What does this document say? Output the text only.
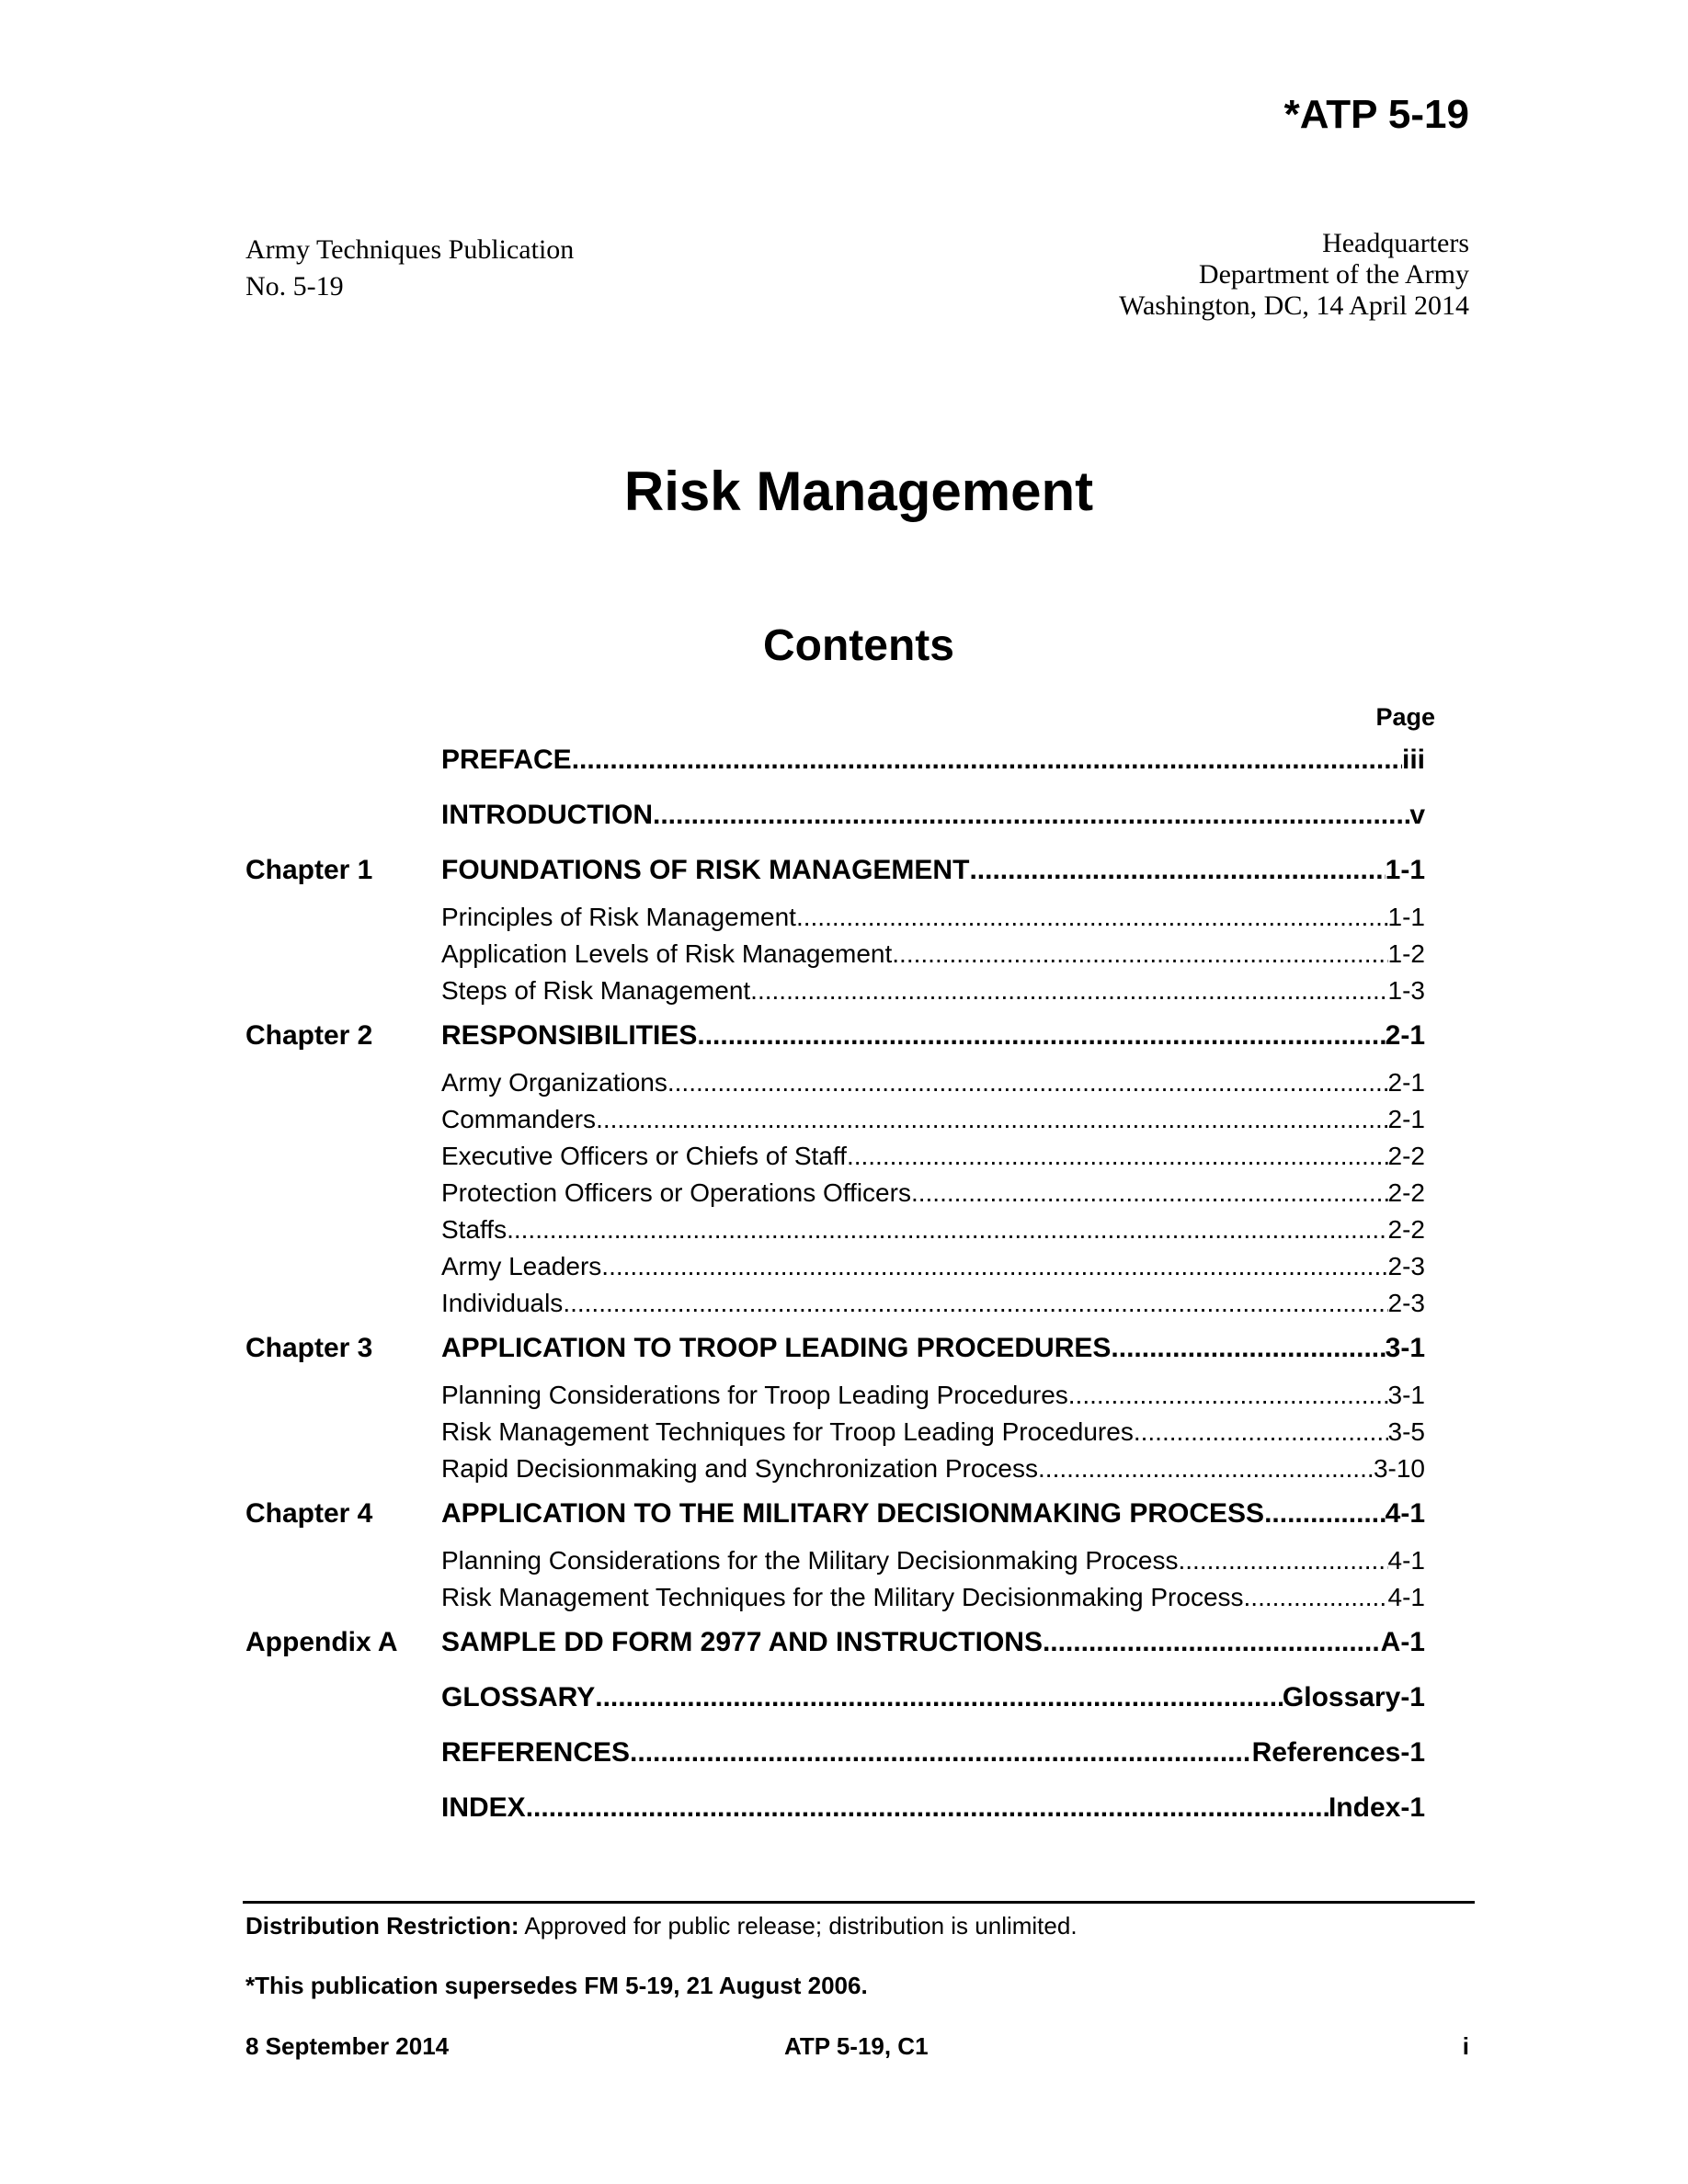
*ATP 5-19
Army Techniques Publication
No. 5-19
Headquarters
Department of the Army
Washington, DC, 14 April 2014
Risk Management
Contents
Page
PREFACE .....	iii
INTRODUCTION .....	v
Chapter 1	FOUNDATIONS OF RISK MANAGEMENT .....	1-1
Principles of Risk Management .....	1-1
Application Levels of Risk Management .....	1-2
Steps of Risk Management .....	1-3
Chapter 2	RESPONSIBILITIES .....	2-1
Army Organizations .....	2-1
Commanders .....	2-1
Executive Officers or Chiefs of Staff .....	2-2
Protection Officers or Operations Officers .....	2-2
Staffs .....	2-2
Army Leaders .....	2-3
Individuals .....	2-3
Chapter 3	APPLICATION TO TROOP LEADING PROCEDURES .....	3-1
Planning Considerations for Troop Leading Procedures .....	3-1
Risk Management Techniques for Troop Leading Procedures .....	3-5
Rapid Decisionmaking and Synchronization Process .....	3-10
Chapter 4	APPLICATION TO THE MILITARY DECISIONMAKING PROCESS .....	4-1
Planning Considerations for the Military Decisionmaking Process .....	4-1
Risk Management Techniques for the Military Decisionmaking Process .....	4-1
Appendix A	SAMPLE DD FORM 2977 AND INSTRUCTIONS .....	A-1
GLOSSARY .....	Glossary-1
REFERENCES .....	References-1
INDEX .....	Index-1
Distribution Restriction: Approved for public release; distribution is unlimited.
*This publication supersedes FM 5-19, 21 August 2006.
8 September 2014	ATP 5-19, C1	i
